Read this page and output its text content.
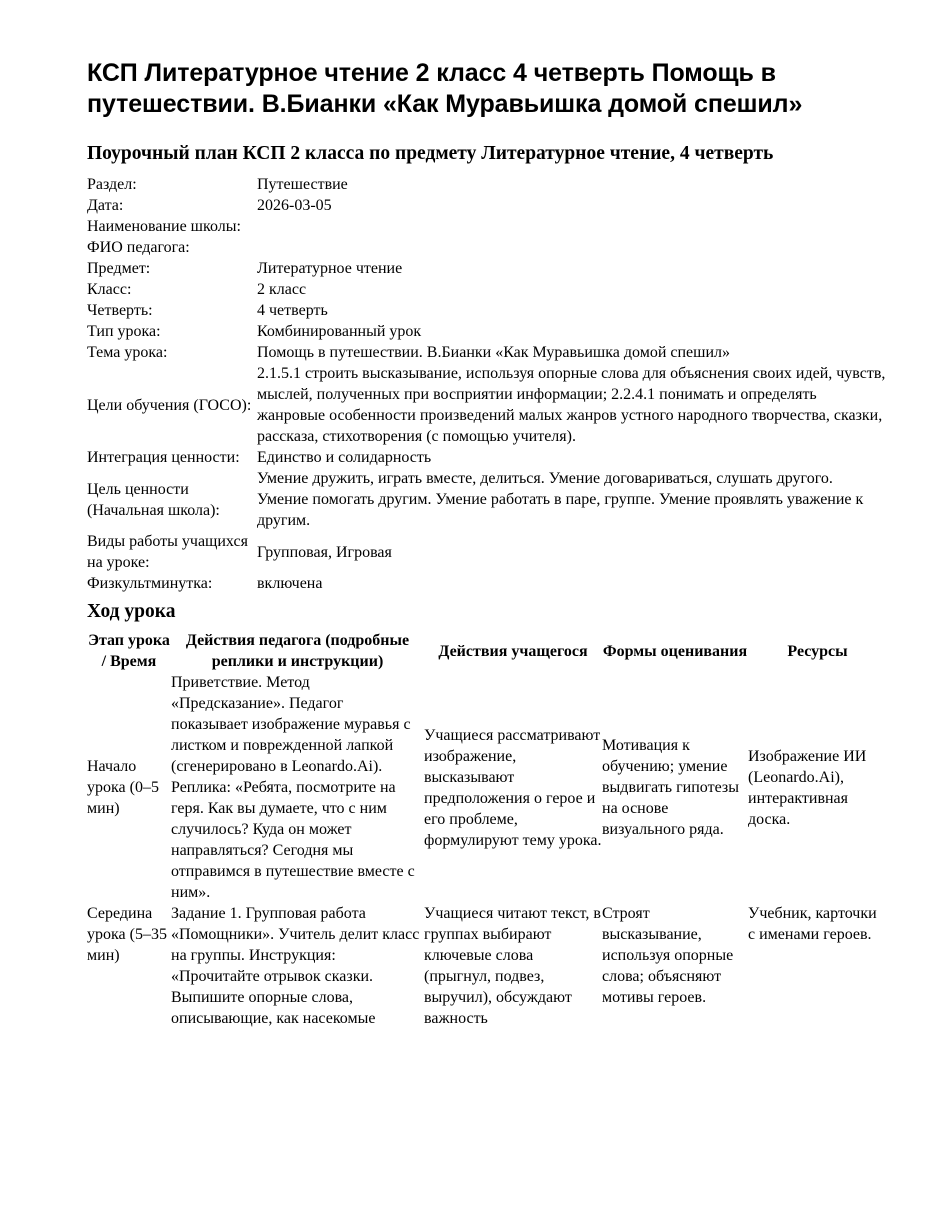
КСП Литературное чтение 2 класс 4 четверть Помощь в путешествии. В.Бианки «Как Муравьишка домой спешил»
Поурочный план КСП 2 класса по предмету Литературное чтение, 4 четверть
Раздел:	Путешествие
Дата:	2026-03-05
Наименование школы:	
ФИО педагога:	
Предмет:	Литературное чтение
Класс:	2 класс
Четверть:	4 четверть
Тип урока:	Комбинированный урок
Тема урока:	Помощь в путешествии. В.Бианки «Как Муравьишка домой спешил»
Цели обучения (ГОСО):	2.1.5.1 строить высказывание, используя опорные слова для объяснения своих идей, чувств, мыслей, полученных при восприятии информации; 2.2.4.1 понимать и определять жанровые особенности произведений малых жанров устного народного творчества, сказки, рассказа, стихотворения (с помощью учителя).
Интеграция ценности:	Единство и солидарность
Цель ценности (Начальная школа):	Умение дружить, играть вместе, делиться. Умение договариваться, слушать другого. Умение помогать другим. Умение работать в паре, группе. Умение проявлять уважение к другим.
Виды работы учащихся на уроке:	Групповая, Игровая
Физкультминутка:	включена
Ход урока
Этап урока / Время	Действия педагога (подробные реплики и инструкции)	Действия учащегося	Формы оценивания	Ресурсы
Начало урока (0–5 мин)	Приветствие. Метод «Предсказание». Педагог показывает изображение муравья с листком и поврежденной лапкой (сгенерировано в Leonardo.Ai). Реплика: «Ребята, посмотрите на геря. Как вы думаете, что с ним случилось? Куда он может направляться? Сегодня мы отправимся в путешествие вместе с ним».	Учащиеся рассматривают изображение, высказывают предположения о герое и его проблеме, формулируют тему урока.	Мотивация к обучению; умение выдвигать гипотезы на основе визуального ряда.	Изображение ИИ (Leonardo.Ai), интерактивная доска.
Середина урока (5–35 мин)	Задание 1. Групповая работа «Помощники». Учитель делит класс на группы. Инструкция: «Прочитайте отрывок сказки. Выпишите опорные слова, описывающие, как насекомые	Учащиеся читают текст, в группах выбирают ключевые слова (прыгнул, подвез, выручил), обсуждают важность	Строят высказывание, используя опорные слова; объясняют мотивы героев.	Учебник, карточки с именами героев.
